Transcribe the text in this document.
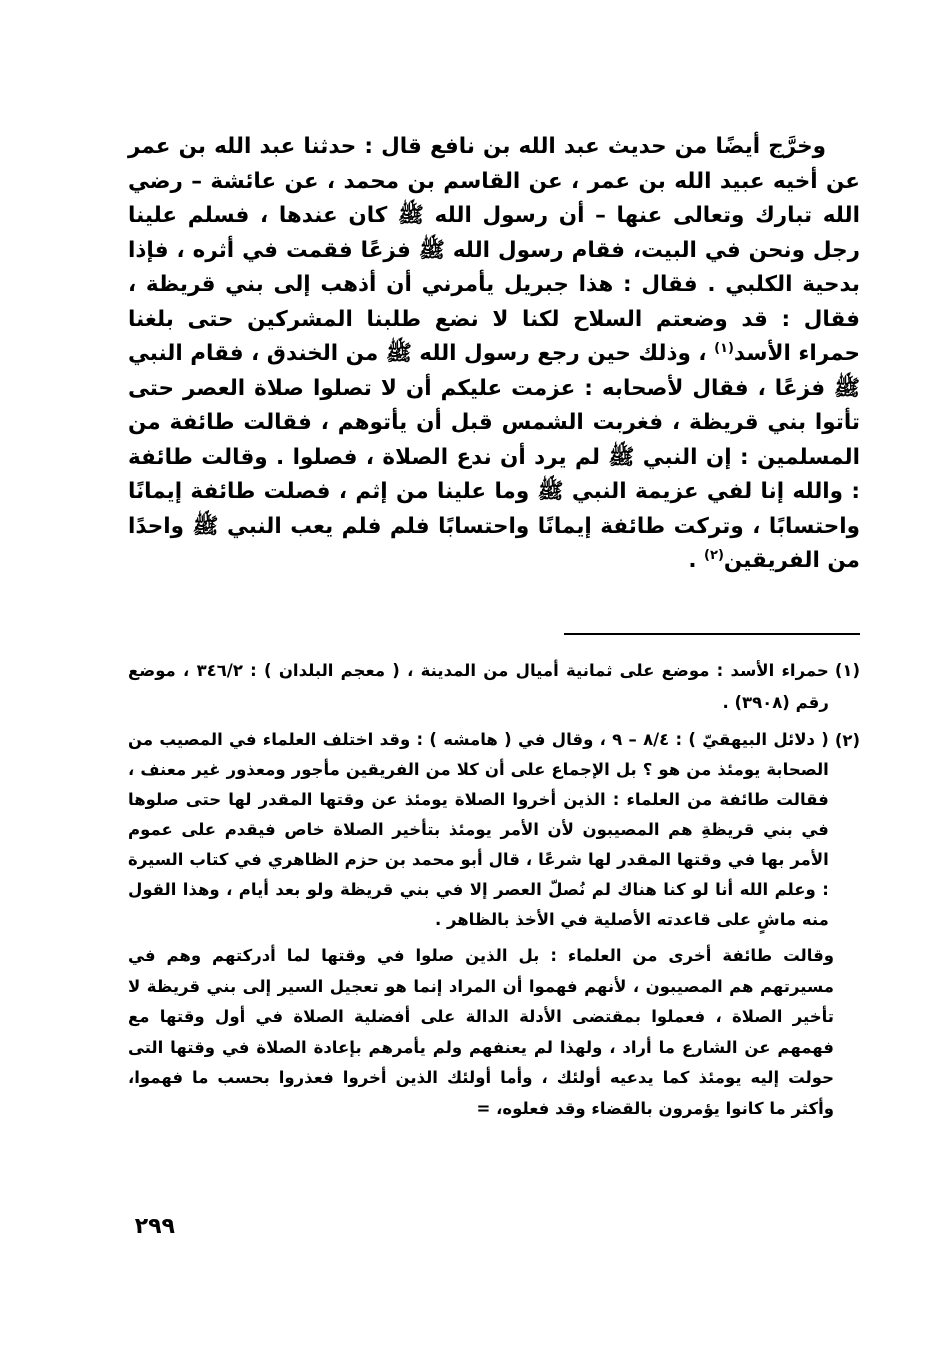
وخرَّج أيضًا من حديث عبد الله بن نافع قال : حدثنا عبد الله بن عمر عن أخيه عبيد الله بن عمر ، عن القاسم بن محمد ، عن عائشة – رضي الله تبارك وتعالى عنها – أن رسول الله ﷺ كان عندها ، فسلم علينا رجل ونحن في البيت، فقام رسول الله ﷺ فزعًا فقمت في أثره ، فإذا بدحية الكلبي . فقال : هذا جبريل يأمرني أن أذهب إلى بني قريظة ، فقال : قد وضعتم السلاح لكنا لا نضع طلبنا المشركين حتى بلغنا حمراء الأسد$^{(١)}$ ، وذلك حين رجع رسول الله ﷺ من الخندق ، فقام النبي ﷺ فزعًا ، فقال لأصحابه : عزمت عليكم أن لا تصلوا صلاة العصر حتى تأتوا بني قريظة ، فغربت الشمس قبل أن يأتوهم ، فقالت طائفة من المسلمين : إن النبي ﷺ لم يرد أن ندع الصلاة ، فصلوا . وقالت طائفة : والله إنا لفي عزيمة النبي ﷺ وما علينا من إثم ، فصلت طائفة إيمانًا واحتسابًا ، وتركت طائفة إيمانًا واحتسابًا فلم فلم يعب النبي ﷺ واحدًا من الفريقين$^{(٢)}$ .
(١)
حمراء الأسد : موضع على ثمانية أميال من المدينة ، ( معجم البلدان ) : ٣٤٦/٢ ، موضع رقم (٣٩٠٨) .
(٢)
( دلائل البيهقيّ ) : ٨/٤ – ٩ ، وقال في ( هامشه ) : وقد اختلف العلماء في المصيب من الصحابة يومئذ من هو ؟ بل الإجماع على أن كلا من الفريقين مأجور ومعذور غير معنف ، فقالت طائفة من العلماء : الذين أخروا الصلاة يومئذ عن وقتها المقدر لها حتى صلوها في بني قريظةِ هم المصيبون لأن الأمر يومئذ بتأخير الصلاة خاص فيقدم على عموم الأمر بها في وقتها المقدر لها شرعًا ، قال أبو محمد بن حزم الظاهري في كتاب السيرة : وعلم الله أنا لو كنا هناك لم نُصلّ العصر إلا في بني قريظة ولو بعد أيام ، وهذا القول منه ماشٍ على قاعدته الأصلية في الأخذ بالظاهر .
وقالت طائفة أخرى من العلماء : بل الذين صلوا في وقتها لما أدركتهم وهم في مسيرتهم هم المصيبون ، لأنهم فهموا أن المراد إنما هو تعجيل السير إلى بني قريظة لا تأخير الصلاة ، فعملوا بمقتضى الأدلة الدالة على أفضلية الصلاة في أول وقتها مع فهمهم عن الشارع ما أراد ، ولهذا لم يعنفهم ولم يأمرهم بإعادة الصلاة في وقتها التى حولت إليه يومئذ كما يدعيه أولئك ، وأما أولئك الذين أخروا فعذروا بحسب ما فهموا، وأكثر ما كانوا يؤمرون بالقضاء وقد فعلوه، =
٢٩٩
